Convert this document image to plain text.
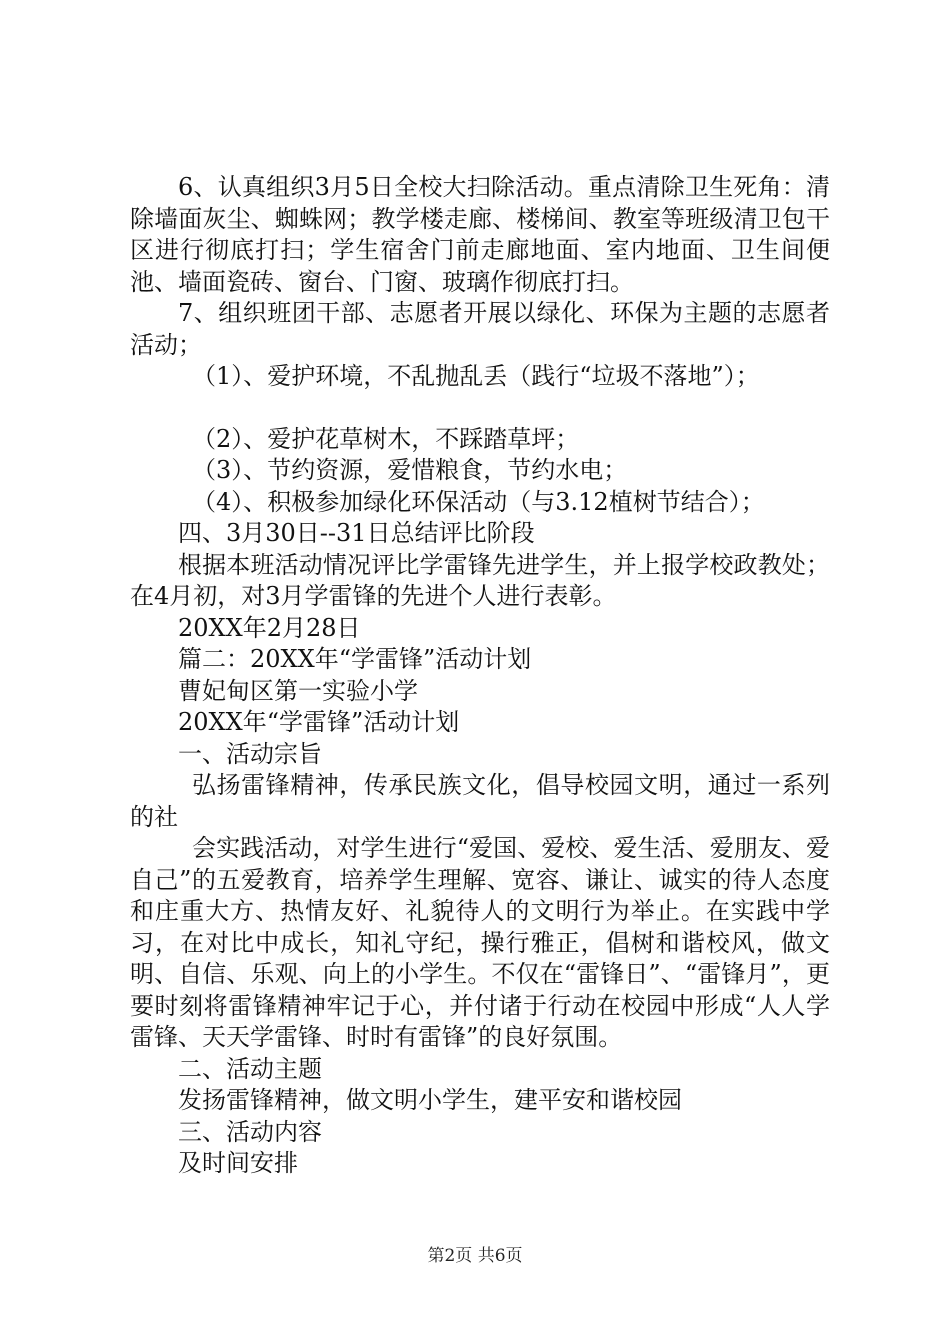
6、认真组织3月5日全校大扫除活动。重点清除卫生死角：清除墙面灰尘、蜘蛛网；教学楼走廊、楼梯间、教室等班级清卫包干区进行彻底打扫；学生宿舍门前走廊地面、室内地面、卫生间便池、墙面瓷砖、窗台、门窗、玻璃作彻底打扫。

7、组织班团干部、志愿者开展以绿化、环保为主题的志愿者活动；

（1）、爱护环境，不乱抛乱丢（践行“垃圾不落地”）；

（2）、爱护花草树木，不踩踏草坪；

（3）、节约资源，爱惜粮食，节约水电；

（4）、积极参加绿化环保活动（与3.12植树节结合）；

四、3月30日--31日总结评比阶段

根据本班活动情况评比学雷锋先进学生，并上报学校政教处；在4月初，对3月学雷锋的先进个人进行表彰。

20XX年2月28日

篇二：20XX年“学雷锋”活动计划

曹妃甸区第一实验小学

20XX年“学雷锋”活动计划

一、活动宗旨

弘扬雷锋精神，传承民族文化，倡导校园文明，通过一系列的社

会实践活动，对学生进行“爱国、爱校、爱生活、爱朋友、爱自己”的五爱教育，培养学生理解、宽容、谦让、诚实的待人态度和庄重大方、热情友好、礼貌待人的文明行为举止。在实践中学习，在对比中成长，知礼守纪，操行雅正，倡树和谐校风，做文明、自信、乐观、向上的小学生。不仅在“雷锋日”、“雷锋月”，更要时刻将雷锋精神牢记于心，并付诸于行动在校园中形成“人人学雷锋、天天学雷锋、时时有雷锋”的良好氛围。

二、活动主题

发扬雷锋精神，做文明小学生，建平安和谐校园

三、活动内容

及时间安排

第2页 共6页
